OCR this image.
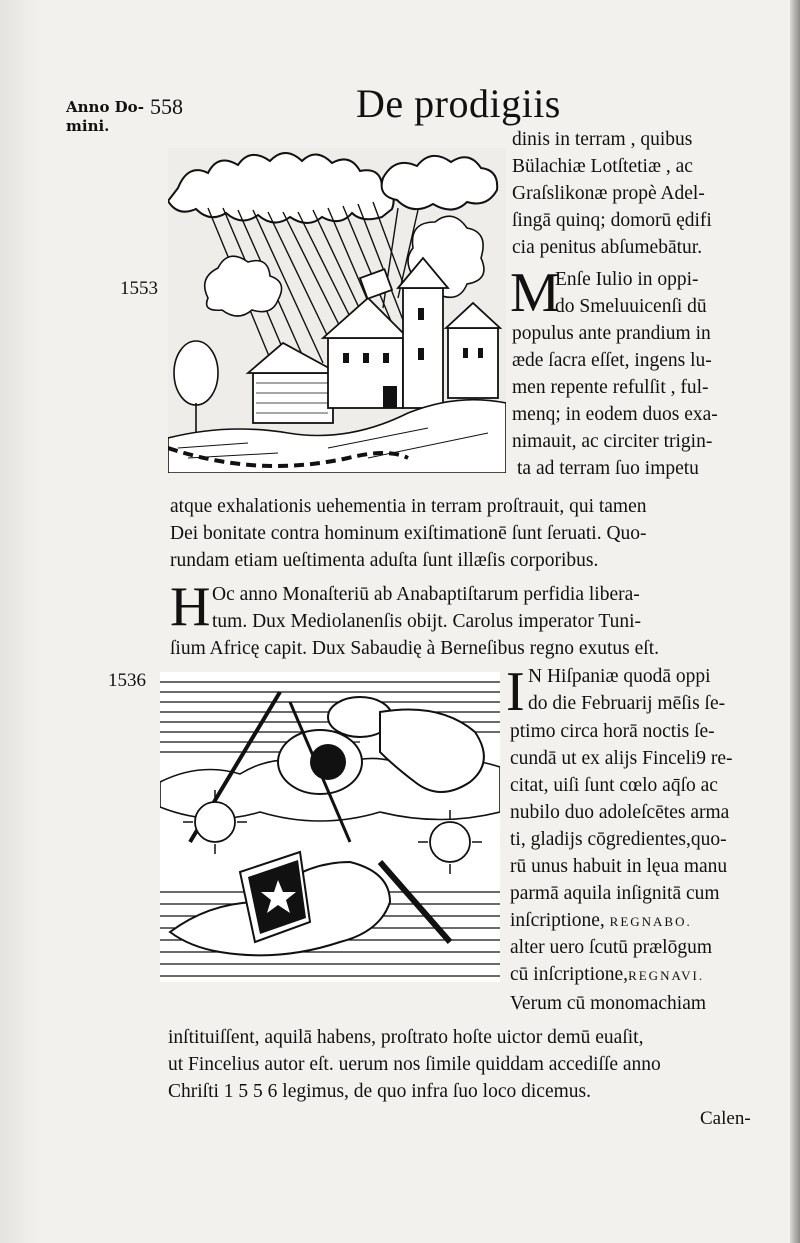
Anno Do-
mini.
558	De prodigiis
1553
1536
dinis in terram , quibus
Bülachiæ Lotſtetiæ , ac
Graſslikonæ propè Adel-
ſingā quinq; domorū ędifi
cia penitus abſumebātur.
M
Enſe Iulio in oppi-
do Smeluuicenſi dū
populus ante prandium in
æde ſacra eſſet, ingens lu-
men repente refulſit , ful-
menq; in eodem duos exa-
nimauit, ac circiter trigin-
ta ad terram ſuo impetu
atque exhalationis uehementia in terram proſtrauit, qui tamen
Dei bonitate contra hominum exiſtimationē ſunt ſeruati. Quo-
rundam etiam ueſtimenta aduſta ſunt illæſis corporibus.
H Oc anno Monaſteriū ab Anabaptiſtarum perfidia libera-
tum. Dux Mediolanenſis obijt. Carolus imperator Tuni-
ſium Africę capit. Dux Sabaudię à Berneſibus regno exutus eſt.
I N Hiſpaniæ quodā oppi
do die Februarij mēſis ſe-
ptimo circa horā noctis ſe-
cundā ut ex alijs Finceli9 re-
citat, uiſi ſunt cœlo aq̄ſo ac
nubilo duo adoleſcētes arma
ti, gladijs cōgredientes,quo-
rū unus habuit in lęua manu
parmā aquila inſignitā cum
inſcriptione, REGNABO.
alter uero ſcutū prælōgum
cū inſcriptione,REGNAVI.
Verum cū monomachiam
inſtituiſſent, aquilā habens, proſtrato hoſte uictor demū euaſit,
ut Fincelius autor eſt. uerum nos ſimile quiddam accediſſe anno
Chriſti 1 5 5 6 legimus, de quo infra ſuo loco dicemus.
Calen-
